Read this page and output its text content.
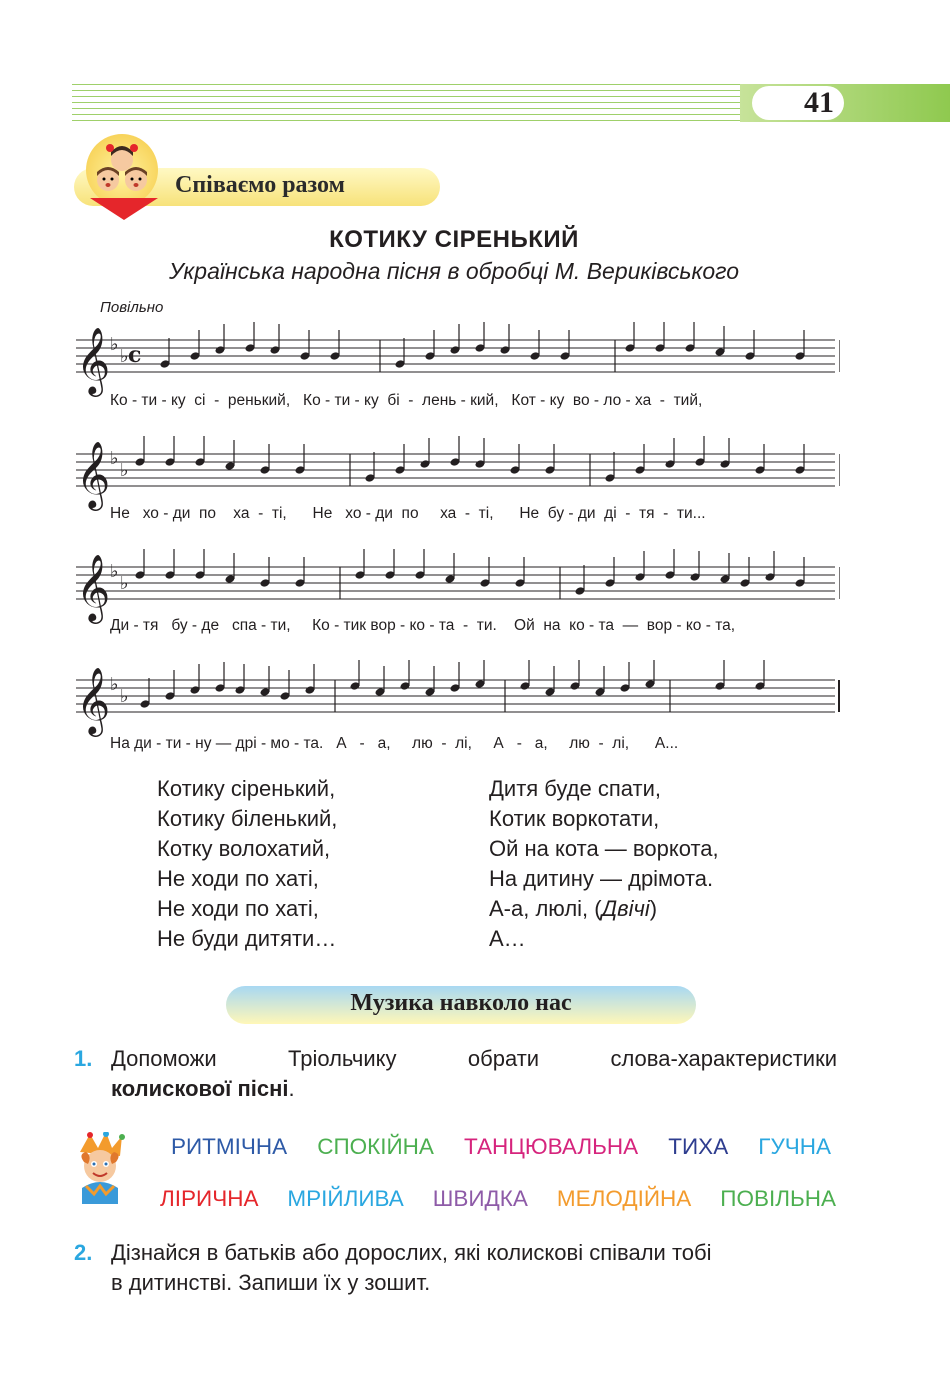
41
Співаємо разом
КОТИКУ СІРЕНЬКИЙ
Українська народна пісня в обробці М. Вериківського
Повільно
𝄞 ♭
♭ c
Ко - ти - ку  сі  -  ренький,   Ко - ти - ку  бі  -  лень - кий,   Кот - ку  во - ло - ха  -  тий,
𝄞 ♭
♭
Не   хо - ди  по    ха  -  ті,      Не   хо - ди  по     ха  -  ті,      Не  бу - ди  ді  -  тя  -  ти...
𝄞 ♭
♭
Ди - тя   бу - де   спа - ти,     Ко - тик вор - ко - та  -  ти.    Ой  на  ко - та  —  вор - ко - та,
𝄞 ♭
♭
На ди - ти - ну — дрі - мо - та.   А   -   а,     лю  -  лі,     А   -   а,     лю  -  лі,      А...
Котику сіренький,
Котику біленький,
Котку волохатий,
Не ходи по хаті,
Не ходи по хаті,
Не буди дитяти…
Дитя буде спати,
Котик воркотати,
Ой на кота — воркота,
На дитину — дрімота.
А-а, люлі, (Двічі)
А…
Музика навколо нас
1. Допоможи Тріольчику обрати слова-характеристики
колискової пісні.
РИТМІЧНА СПОКІЙНА ТАНЦЮВАЛЬНА ТИХА ГУЧНА
ЛІРИЧНА МРІЙЛИВА ШВИДКА МЕЛОДІЙНА ПОВІЛЬНА
2. Дізнайся в батьків або дорослих, які колискові співали тобі
в дитинстві. Запиши їх у зошит.
